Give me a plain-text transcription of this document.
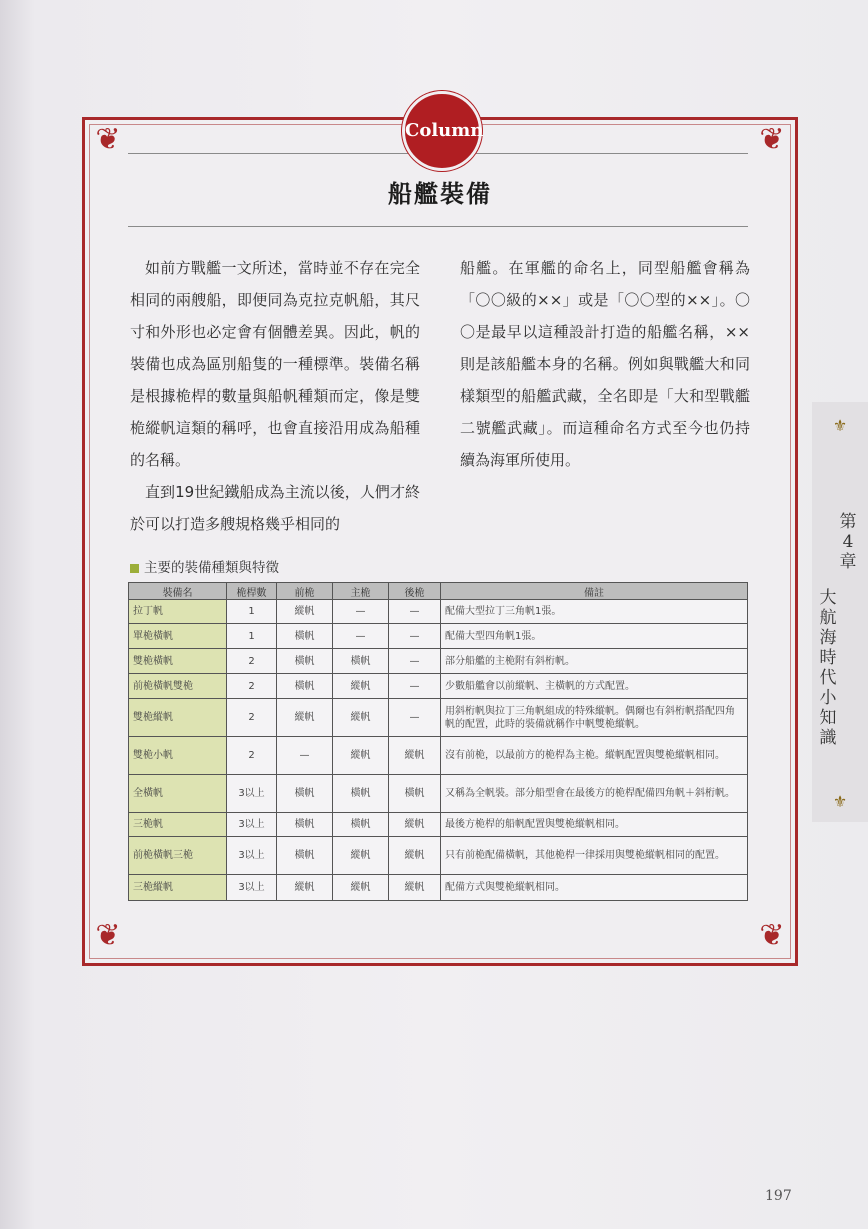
❦	❦
❦	❦
Column
船艦裝備

如前方戰艦一文所述，當時並不存在完全相同的兩艘船，即便同為克拉克帆船，其尺寸和外形也必定會有個體差異。因此，帆的裝備也成為區別船隻的一種標準。裝備名稱是根據桅桿的數量與船帆種類而定，像是雙桅縱帆這類的稱呼，也會直接沿用成為船種的名稱。

直到19世紀鐵船成為主流以後，人們才終於可以打造多艘規格幾乎相同的

船艦。在軍艦的命名上，同型船艦會稱為「〇〇級的××」或是「〇〇型的××」。〇〇是最早以這種設計打造的船艦名稱，××則是該船艦本身的名稱。例如與戰艦大和同樣類型的船艦武藏，全名即是「大和型戰艦二號艦武藏」。而這種命名方式至今也仍持續為海軍所使用。

主要的裝備種類與特徵
裝備名	桅桿數	前桅	主桅	後桅	備註
拉丁帆	1	縱帆	—	—	配備大型拉丁三角帆1張。
單桅橫帆	1	橫帆	—	—	配備大型四角帆1張。
雙桅橫帆	2	橫帆	橫帆	—	部分船艦的主桅附有斜桁帆。
前桅橫帆雙桅	2	橫帆	縱帆	—	少數船艦會以前縱帆、主橫帆的方式配置。
雙桅縱帆	2	縱帆	縱帆	—	用斜桁帆與拉丁三角帆組成的特殊縱帆。偶爾也有斜桁帆搭配四角帆的配置，此時的裝備就稱作中帆雙桅縱帆。
雙桅小帆	2	—	縱帆	縱帆	沒有前桅，以最前方的桅桿為主桅。縱帆配置與雙桅縱帆相同。
全橫帆	3以上	橫帆	橫帆	橫帆	又稱為全帆裝。部分船型會在最後方的桅桿配備四角帆＋斜桁帆。
三桅帆	3以上	橫帆	橫帆	縱帆	最後方桅桿的船帆配置與雙桅縱帆相同。
前桅橫帆三桅	3以上	橫帆	縱帆	縱帆	只有前桅配備橫帆，其他桅桿一律採用與雙桅縱帆相同的配置。
三桅縱帆	3以上	縱帆	縱帆	縱帆	配備方式與雙桅縱帆相同。
⚜
第4章
大航海時代小知識
⚜
197
